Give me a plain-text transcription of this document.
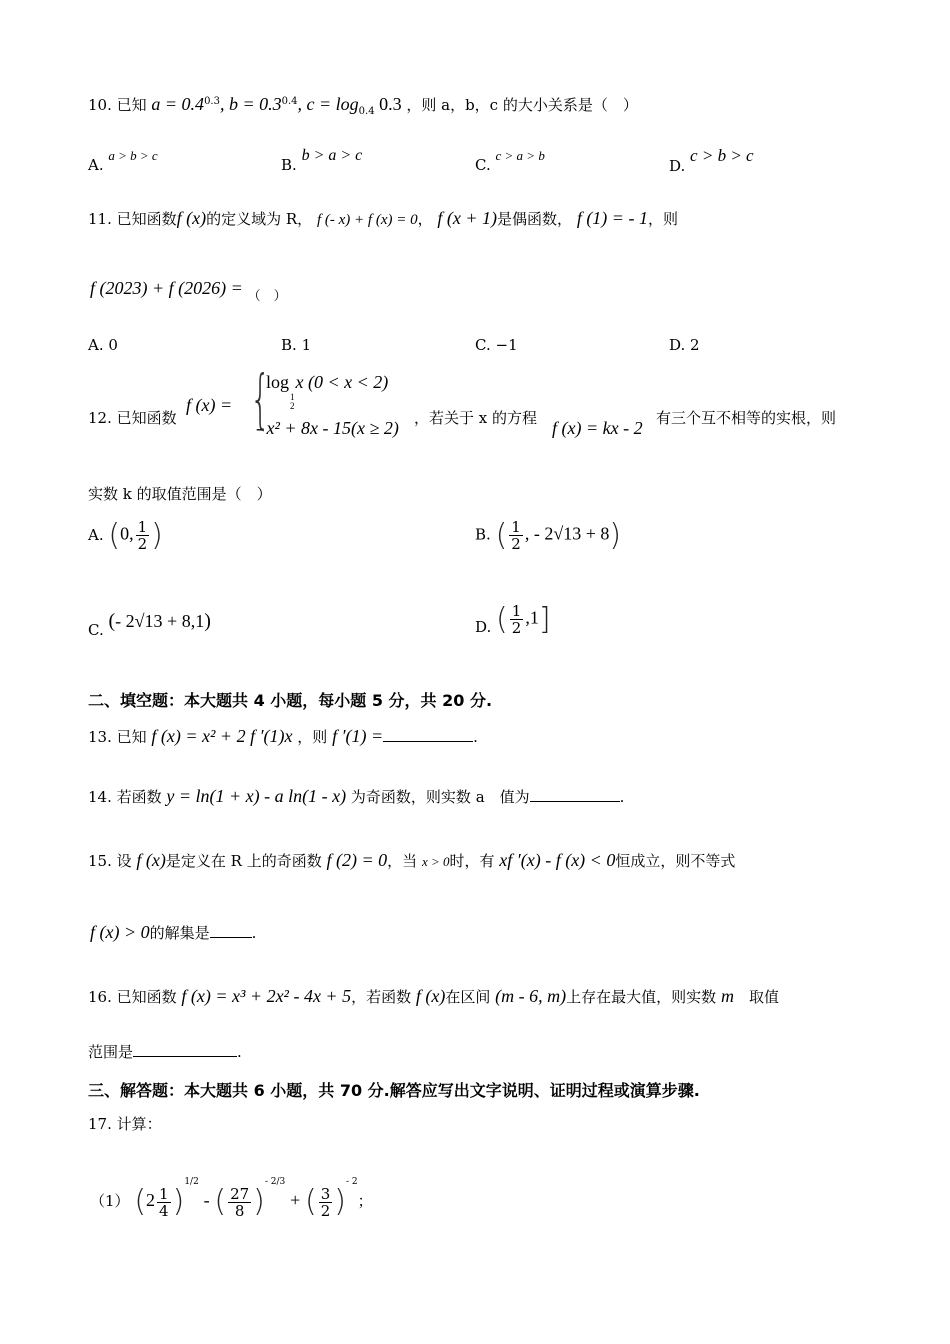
10. 已知 $a = 0.4^{0.3}$, $b = 0.3^{0.4}$, $c = \log_{0.4} 0.3$ ，则 a，b，c 的大小关系是（　）
A. a > b > c
B. b > a > c
C. c > a > b
D. c > b > c
11. 已知函数f (x)的定义域为 R， f (- x) + f (x) = 0， f (x + 1)是偶函数， f (1) = - 1，则
f (2023) + f (2026) = （　）
A. 0	B. 1	C. −1	D. 2
12. 已知函数
f (x) = {
log
1
2
x (0 < x < 2)
- x² + 8x - 15(x ≥ 2) ，若关于 x 的方程 f (x) = kx - 2 有三个互不相等的实根，则
实数 k 的取值范围是（　）
A. (0, $\frac{1}{2}$ )	B. ( $\frac{1}{2}$ , - 2√13 + 8)
C. (- 2√13 + 8,1)	D. ( $\frac{1}{2} ,1$]
二、填空题：本大题共 4 小题，每小题 5 分，共 20 分.
13. 已知 f (x) = x² + 2 f ′(1)x ，则 f ′(1) =	.
14. 若函数 y = ln(1 + x) - a ln(1 - x) 为奇函数，则实数 a　值为	.
15. 设 f (x)是定义在 R 上的奇函数 f (2) = 0，当 x > 0时，有 xf ′(x) - f (x) < 0恒成立，则不等式
f (x) > 0的解集是	.
16. 已知函数 f (x) = x³ + 2x² - 4x + 5，若函数 f (x)在区间 (m - 6, m)上存在最大值，则实数 m　 取值
范围是	.
三、解答题：本大题共 6 小题，共 70 分.解答应写出文字说明、证明过程或演算步骤.
17. 计算：
（1） $(2 \frac{1}{4} )^{1/2}$ - ( $\frac{27}{8} )^{- 2/3}$ + ( $\frac{3}{2} )^{- 2}$；
